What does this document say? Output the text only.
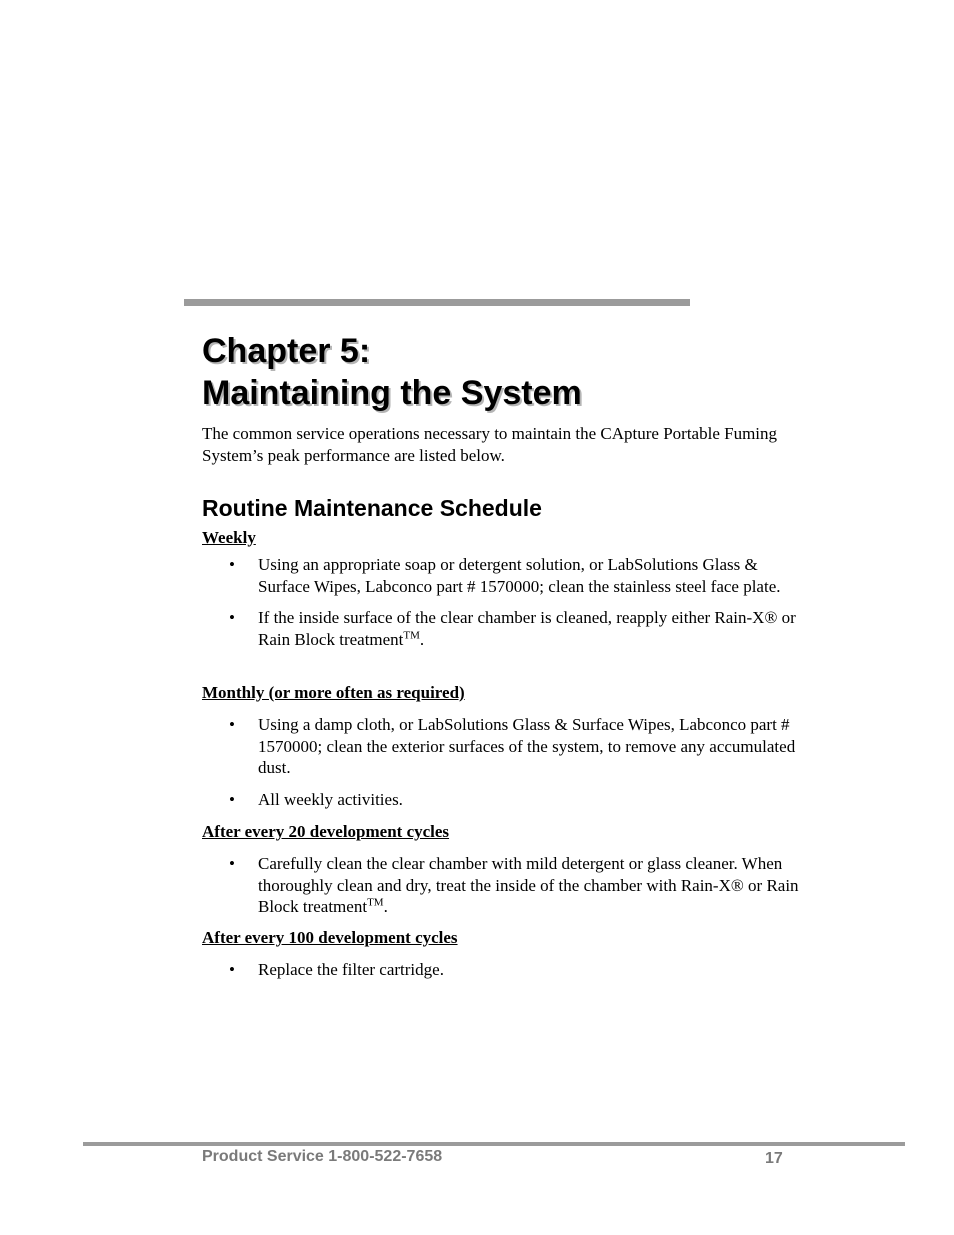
Chapter 5:
Maintaining the System

The common service operations necessary to maintain the CApture Portable Fuming System’s peak performance are listed below.

Routine Maintenance Schedule
Weekly
• Using an appropriate soap or detergent solution, or LabSolutions Glass & Surface Wipes, Labconco part # 1570000; clean the stainless steel face plate.
• If the inside surface of the clear chamber is cleaned, reapply either Rain-X® or Rain Block treatment™.
Monthly (or more often as required)
• Using a damp cloth, or LabSolutions Glass & Surface Wipes, Labconco part # 1570000; clean the exterior surfaces of the system, to remove any accumulated dust.
• All weekly activities.
After every 20 development cycles
• Carefully clean the clear chamber with mild detergent or glass cleaner. When thoroughly clean and dry, treat the inside of the chamber with Rain-X® or Rain Block treatment™.
After every 100 development cycles
• Replace the filter cartridge.
Product Service 1-800-522-7658	17
